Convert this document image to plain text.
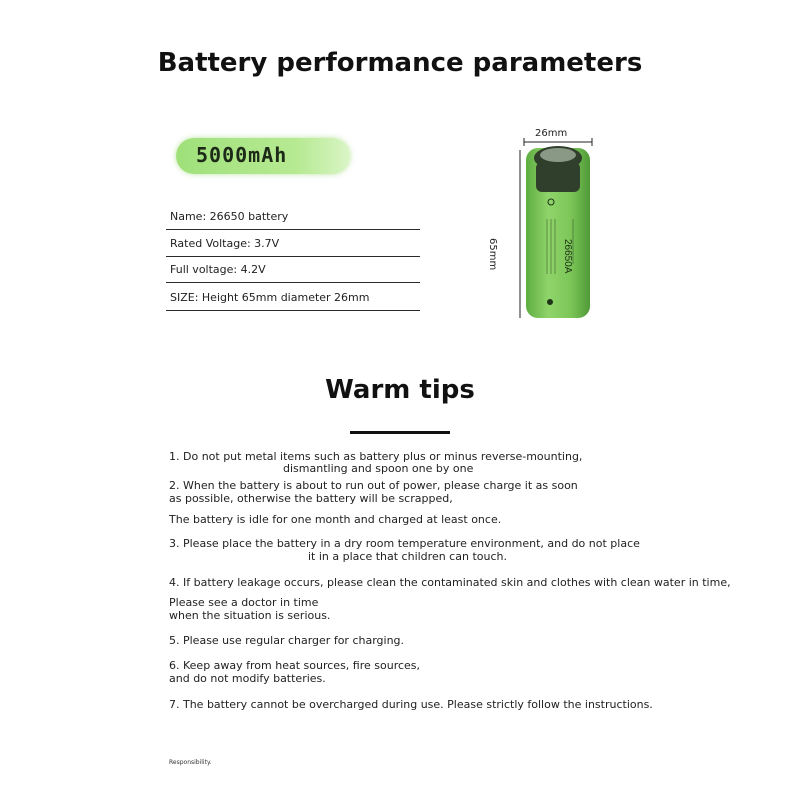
Battery performance parameters
5000mAh
Name: 26650 battery
Rated Voltage: 3.7V
Full voltage: 4.2V
SIZE: Height 65mm diameter 26mm
26650A
26mm
65mm
Warm tips
1. Do not put metal items such as battery plus or minus reverse-mounting,
dismantling and spoon one by one
2. When the battery is about to run out of power, please charge it as soon
as possible, otherwise the battery will be scrapped,
The battery is idle for one month and charged at least once.
3. Please place the battery in a dry room temperature environment, and do not place
it in a place that children can touch.
4. If battery leakage occurs, please clean the contaminated skin and clothes with clean water in time,
Please see a doctor in time
when the situation is serious.
5. Please use regular charger for charging.
6. Keep away from heat sources, fire sources,
and do not modify batteries.
7. The battery cannot be overcharged during use. Please strictly follow the instructions.
Responsibility.
